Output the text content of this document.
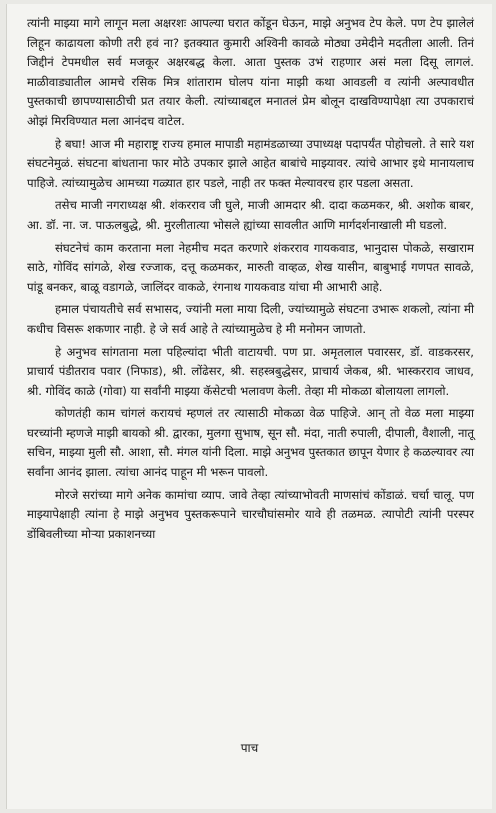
त्यांनी माझ्या मागे लागून मला अक्षरशः आपल्या घरात कोंडून घेऊन, माझे अनुभव टेप केले. पण टेप झालेलं लिहून काढायला कोणी तरी हवं ना? इतक्यात कुमारी अश्विनी कावळे मोठ्या उमेदीने मदतीला आली. तिनं जिद्दीनं टेपमधील सर्व मजकूर अक्षरबद्ध केला. आता पुस्तक उभं राहणार असं मला दिसू लागलं. माळीवाड्यातील आमचे रसिक मित्र शांताराम घोलप यांना माझी कथा आवडली व त्यांनी अल्पावधीत पुस्तकाची छापण्यासाठीची प्रत तयार केली. त्यांच्याबद्दल मनातलं प्रेम बोलून दाखविण्यापेक्षा त्या उपकाराचं ओझं मिरविण्यात मला आनंदच वाटेल.

हे बघा! आज मी महाराष्ट्र राज्य हमाल मापाडी महामंडळाच्या उपाध्यक्ष पदापर्यंत पोहोचलो. ते सारे यश संघटनेमुळं. संघटना बांधताना फार मोठे उपकार झाले आहेत बाबांचे माझ्यावर. त्यांचे आभार इथे मानायलाच पाहिजे. त्यांच्यामुळेच आमच्या गळ्यात हार पडले, नाही तर फक्त मेल्यावरच हार पडला असता.

तसेच माजी नगराध्यक्ष श्री. शंकरराव जी घुले, माजी आमदार श्री. दादा कळमकर, श्री. अशोक बाबर, आ. डॉ. ना. ज. पाऊलबुद्धे, श्री. मुरलीतात्या भोसले ह्यांच्या सावलीत आणि मार्गदर्शनाखाली मी घडलो.

संघटनेचं काम करताना मला नेहमीच मदत करणारे शंकरराव गायकवाड, भानुदास पोकळे, सखाराम साठे, गोविंद सांगळे, शेख रज्जाक, दत्तू कळमकर, मारुती वाव्हळ, शेख यासीन, बाबुभाई गणपत सावळे, पांडू बनकर, बाळू वडागळे, जालिंदर वाकळे, रंगनाथ गायकवाड यांचा मी आभारी आहे.

हमाल पंचायतीचे सर्व सभासद, ज्यांनी मला माया दिली, ज्यांच्यामुळे संघटना उभारू शकलो, त्यांना मी कधीच विसरू शकणार नाही. हे जे सर्व आहे ते त्यांच्यामुळेच हे मी मनोमन जाणतो.

हे अनुभव सांगताना मला पहिल्यांदा भीती वाटायची. पण प्रा. अमृतलाल पवारसर, डॉ. वाडकरसर, प्राचार्य पंडीतराव पवार (निफाड), श्री. लोंढेसर, श्री. सहस्त्रबुद्धेसर, प्राचार्य जेकब, श्री. भास्करराव जाधव, श्री. गोविंद काळे (गोवा) या सर्वांनी माझ्या कॅसेटची भलावण केली. तेव्हा मी मोकळा बोलायला लागलो.

कोणतंही काम चांगलं करायचं म्हणलं तर त्यासाठी मोकळा वेळ पाहिजे. आन् तो वेळ मला माझ्या घरच्यांनी म्हणजे माझी बायको श्री. द्वारका, मुलगा सुभाष, सून सौ. मंदा, नाती रुपाली, दीपाली, वैशाली, नातू सचिन, माझ्या मुली सौ. आशा, सौ. मंगल यांनी दिला. माझे अनुभव पुस्तकात छापून येणार हे कळल्यावर त्या सर्वांना आनंद झाला. त्यांचा आनंद पाहून मी भरून पावलो.

मोरजे सरांच्या मागे अनेक कामांचा व्याप. जावे तेव्हा त्यांच्याभोवती माणसांचं कोंडाळं. चर्चा चालू. पण माझ्यापेक्षाही त्यांना हे माझे अनुभव पुस्तकरूपाने चारचौघांसमोर यावे ही तळमळ. त्यापोटी त्यांनी परस्पर डोंबिवलीच्या मोऱ्या प्रकाशनच्या

पाच
